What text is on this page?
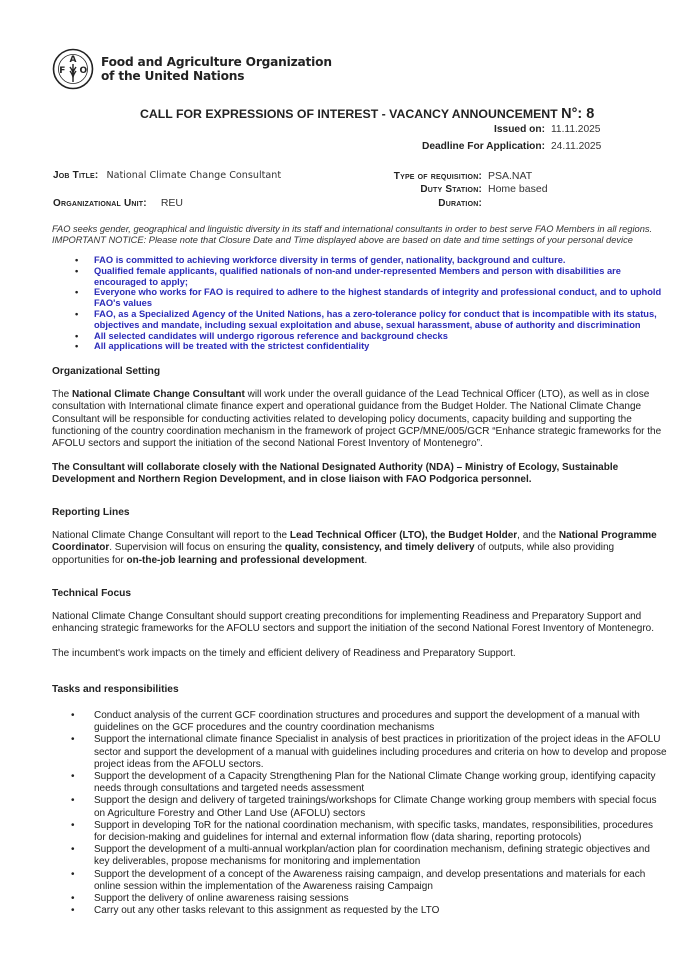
F
A
O
Food and Agriculture Organization
of the United Nations
CALL FOR EXPRESSIONS OF INTEREST - VACANCY ANNOUNCEMENT N°: 8
Issued on: 11.11.2025
Deadline For Application: 24.11.2025
Job Title: National Climate Change Consultant
Organizational Unit: REU
Type of requisition: PSA.NAT
Duty Station: Home based
Duration:
FAO seeks gender, geographical and linguistic diversity in its staff and international consultants in order to best serve FAO Members in all regions.
IMPORTANT NOTICE: Please note that Closure Date and Time displayed above are based on date and time settings of your personal device
• FAO is committed to achieving workforce diversity in terms of gender, nationality, background and culture.
• Qualified female applicants, qualified nationals of non-and under-represented Members and person with disabilities are encouraged to apply;
• Everyone who works for FAO is required to adhere to the highest standards of integrity and professional conduct, and to uphold FAO's values
• FAO, as a Specialized Agency of the United Nations, has a zero-tolerance policy for conduct that is incompatible with its status, objectives and mandate, including sexual exploitation and abuse, sexual harassment, abuse of authority and discrimination
• All selected candidates will undergo rigorous reference and background checks
• All applications will be treated with the strictest confidentiality
Organizational Setting

The National Climate Change Consultant will work under the overall guidance of the Lead Technical Officer (LTO), as well as in close consultation with International climate finance expert and operational guidance from the Budget Holder. The National Climate Change Consultant will be responsible for conducting activities related to developing policy documents, capacity building and supporting the functioning of the country coordination mechanism in the framework of project GCP/MNE/005/GCR “Enhance strategic frameworks for the AFOLU sectors and support the initiation of the second National Forest Inventory of Montenegro”.

The Consultant will collaborate closely with the National Designated Authority (NDA) – Ministry of Ecology, Sustainable Development and Northern Region Development, and in close liaison with FAO Podgorica personnel.

Reporting Lines

National Climate Change Consultant will report to the Lead Technical Officer (LTO), the Budget Holder, and the National Programme Coordinator. Supervision will focus on ensuring the quality, consistency, and timely delivery of outputs, while also providing opportunities for on-the-job learning and professional development.

Technical Focus

National Climate Change Consultant should support creating preconditions for implementing Readiness and Preparatory Support and enhancing strategic frameworks for the AFOLU sectors and support the initiation of the second National Forest Inventory of Montenegro.

The incumbent's work impacts on the timely and efficient delivery of Readiness and Preparatory Support.

Tasks and responsibilities
• Conduct analysis of the current GCF coordination structures and procedures and support the development of a manual with guidelines on the GCF procedures and the country coordination mechanisms
• Support the international climate finance Specialist in analysis of best practices in prioritization of the project ideas in the AFOLU sector and support the development of a manual with guidelines including procedures and criteria on how to develop and propose project ideas from the AFOLU sectors.
• Support the development of a Capacity Strengthening Plan for the National Climate Change working group, identifying capacity needs through consultations and targeted needs assessment
• Support the design and delivery of targeted trainings/workshops for Climate Change working group members with special focus on Agriculture Forestry and Other Land Use (AFOLU) sectors
• Support in developing ToR for the national coordination mechanism, with specific tasks, mandates, responsibilities, procedures for decision-making and guidelines for internal and external information flow (data sharing, reporting protocols)
• Support the development of a multi-annual workplan/action plan for coordination mechanism, defining strategic objectives and key deliverables, propose mechanisms for monitoring and implementation
• Support the development of a concept of the Awareness raising campaign, and develop presentations and materials for each online session within the implementation of the Awareness raising Campaign
• Support the delivery of online awareness raising sessions
• Carry out any other tasks relevant to this assignment as requested by the LTO
